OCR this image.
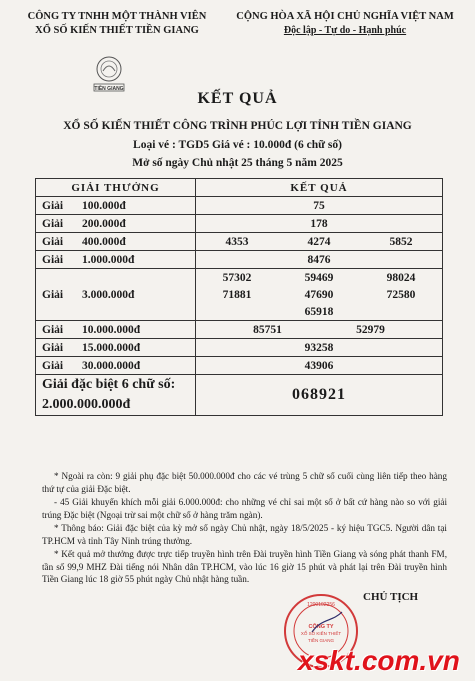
CÔNG TY TNHH MỘT THÀNH VIÊN
XỔ SỐ KIẾN THIẾT TIỀN GIANG
CỘNG HÒA XÃ HỘI CHỦ NGHĨA VIỆT NAM
Độc lập - Tự do - Hạnh phúc
TIỀN GIANG
KẾT QUẢ
XỔ SỐ KIẾN THIẾT CÔNG TRÌNH PHÚC LỢI TỈNH TIỀN GIANG
Loại vé : TGD5 Giá vé : 10.000đ (6 chữ số)
Mở số ngày Chủ nhật 25 tháng 5 năm 2025
GIẢI THƯỞNG	KẾT QUẢ
Giải 100.000đ	75
Giải 200.000đ	178
Giải 400.000đ	4353 4274 5852

Giải 1.000.000đ	8476
Giải 3.000.000đ	57302 59469 98024

	71881 47690 72580

	65918
Giải 10.000.000đ	85751 52979

Giải 15.000.000đ	93258
Giải 30.000.000đ	43906

Giải đặc biệt 6 chữ số:
2.000.000.000đ	068921

* Ngoài ra còn: 9 giải phụ đặc biệt 50.000.000đ cho các vé trùng 5 chữ số cuối cùng liên tiếp theo hàng thứ tự của giải Đặc biệt.

- 45 Giải khuyến khích mỗi giải 6.000.000đ: cho những vé chỉ sai một số ở bất cứ hàng nào so với giải trúng Đặc biệt (Ngoại trừ sai một chữ số ở hàng trăm ngàn).

* Thông báo: Giải đặc biệt của kỳ mở số ngày Chủ nhật, ngày 18/5/2025 - ký hiệu TGC5. Người dân tại TP.HCM và tỉnh Tây Ninh trúng thưởng.

* Kết quả mở thưởng được trực tiếp truyền hình trên Đài truyền hình Tiền Giang và sóng phát thanh FM, tần số 99,9 MHZ Đài tiếng nói Nhân dân TP.HCM, vào lúc 16 giờ 15 phút và phát lại trên Đài truyền hình Tiền Giang lúc 18 giờ 55 phút ngày Chủ nhật hàng tuần.

CÔNG TY
XỔ SỐ KIẾN THIẾT
TIỀN GIANG
1200102256
CHỦ TỊCH
xskt.com.vn
